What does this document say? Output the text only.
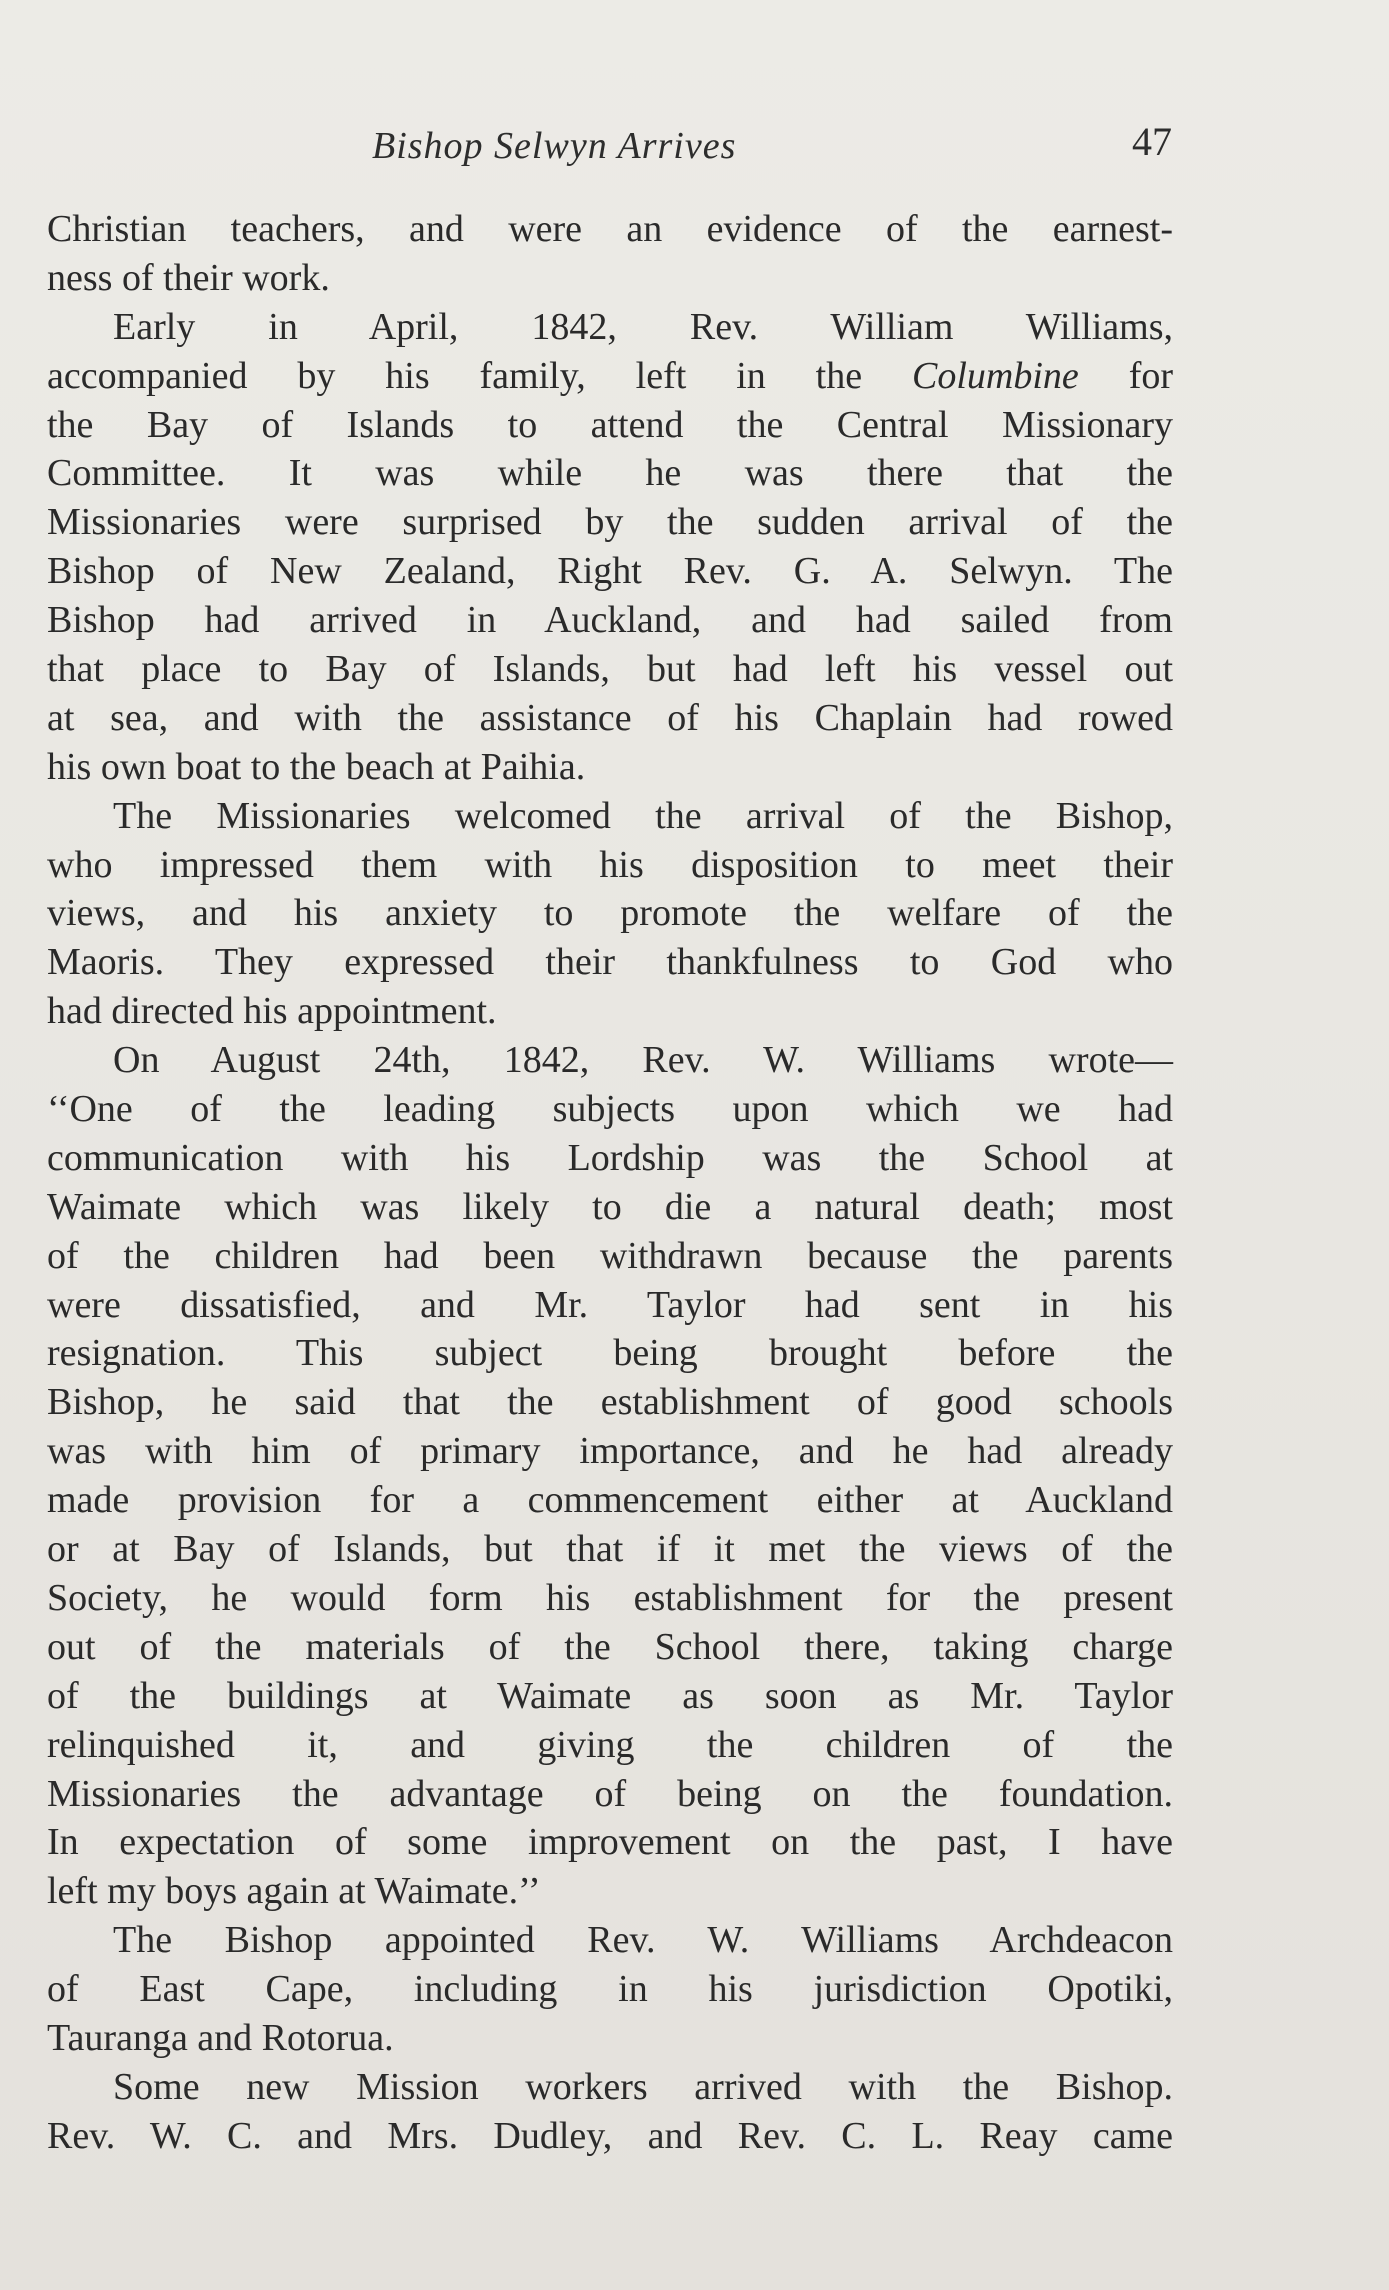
Bishop Selwyn Arrives	47
Christian teachers, and were an evidence of the earnest-
ness of their work.
Early in April, 1842, Rev. William Williams,
accompanied by his family, left in the Columbine for
the Bay of Islands to attend the Central Missionary
Committee. It was while he was there that the
Missionaries were surprised by the sudden arrival of the
Bishop of New Zealand, Right Rev. G. A. Selwyn. The
Bishop had arrived in Auckland, and had sailed from
that place to Bay of Islands, but had left his vessel out
at sea, and with the assistance of his Chaplain had rowed
his own boat to the beach at Paihia.
The Missionaries welcomed the arrival of the Bishop,
who impressed them with his disposition to meet their
views, and his anxiety to promote the welfare of the
Maoris. They expressed their thankfulness to God who
had directed his appointment.
On August 24th, 1842, Rev. W. Williams wrote—
‘‘One of the leading subjects upon which we had
communication with his Lordship was the School at
Waimate which was likely to die a natural death; most
of the children had been withdrawn because the parents
were dissatisfied, and Mr. Taylor had sent in his
resignation. This subject being brought before the
Bishop, he said that the establishment of good schools
was with him of primary importance, and he had already
made provision for a commencement either at Auckland
or at Bay of Islands, but that if it met the views of the
Society, he would form his establishment for the present
out of the materials of the School there, taking charge
of the buildings at Waimate as soon as Mr. Taylor
relinquished it, and giving the children of the
Missionaries the advantage of being on the foundation.
In expectation of some improvement on the past, I have
left my boys again at Waimate.’’
The Bishop appointed Rev. W. Williams Archdeacon
of East Cape, including in his jurisdiction Opotiki,
Tauranga and Rotorua.
Some new Mission workers arrived with the Bishop.
Rev. W. C. and Mrs. Dudley, and Rev. C. L. Reay came
